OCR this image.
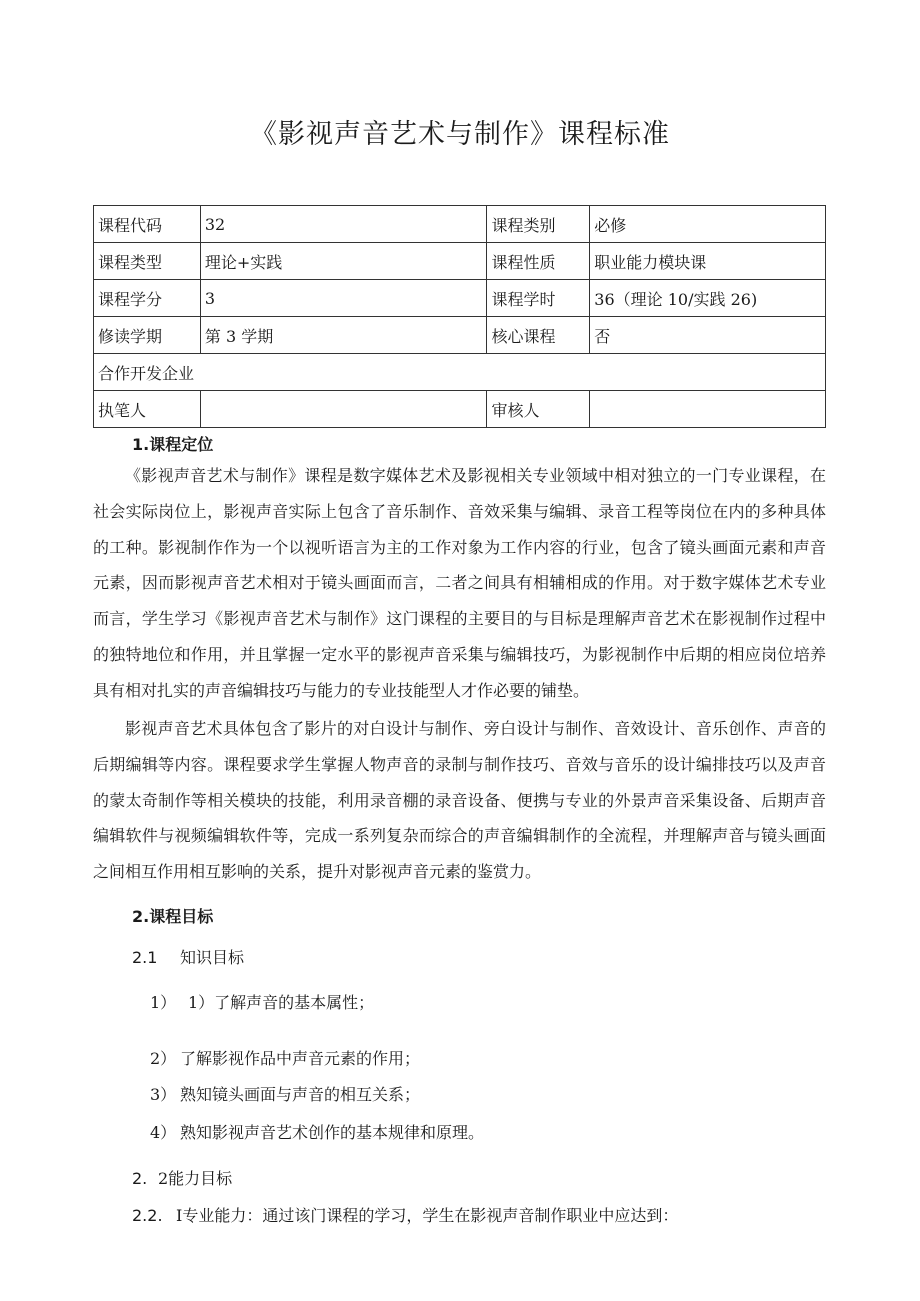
《影视声音艺术与制作》课程标准
课程代码	32	课程类别	必修
课程类型	理论+实践	课程性质	职业能力模块课
课程学分	3	课程学时	36（理论 10/实践 26)
修读学期	第 3 学期	核心课程	否
合作开发企业			
执笔人		审核人	
1.课程定位

《影视声音艺术与制作》课程是数字媒体艺术及影视相关专业领域中相对独立的一门专业课程，在社会实际岗位上，影视声音实际上包含了音乐制作、音效采集与编辑、录音工程等岗位在内的多种具体的工种。影视制作作为一个以视听语言为主的工作对象为工作内容的行业，包含了镜头画面元素和声音元素，因而影视声音艺术相对于镜头画面而言，二者之间具有相辅相成的作用。对于数字媒体艺术专业而言，学生学习《影视声音艺术与制作》这门课程的主要目的与目标是理解声音艺术在影视制作过程中的独特地位和作用，并且掌握一定水平的影视声音采集与编辑技巧，为影视制作中后期的相应岗位培养具有相对扎实的声音编辑技巧与能力的专业技能型人才作必要的铺垫。

影视声音艺术具体包含了影片的对白设计与制作、旁白设计与制作、音效设计、音乐创作、声音的后期编辑等内容。课程要求学生掌握人物声音的录制与制作技巧、音效与音乐的设计编排技巧以及声音的蒙太奇制作等相关模块的技能，利用录音棚的录音设备、便携与专业的外景声音采集设备、后期声音编辑软件与视频编辑软件等，完成一系列复杂而综合的声音编辑制作的全流程，并理解声音与镜头画面之间相互作用相互影响的关系，提升对影视声音元素的鉴赏力。

2.课程目标
2.1 知识目标
1） 1）了解声音的基本属性；
2） 了解影视作品中声音元素的作用；
3） 熟知镜头画面与声音的相互关系；
4） 熟知影视声音艺术创作的基本规律和原理。
2. 2能力目标
2.2. I专业能力：通过该门课程的学习，学生在影视声音制作职业中应达到：
